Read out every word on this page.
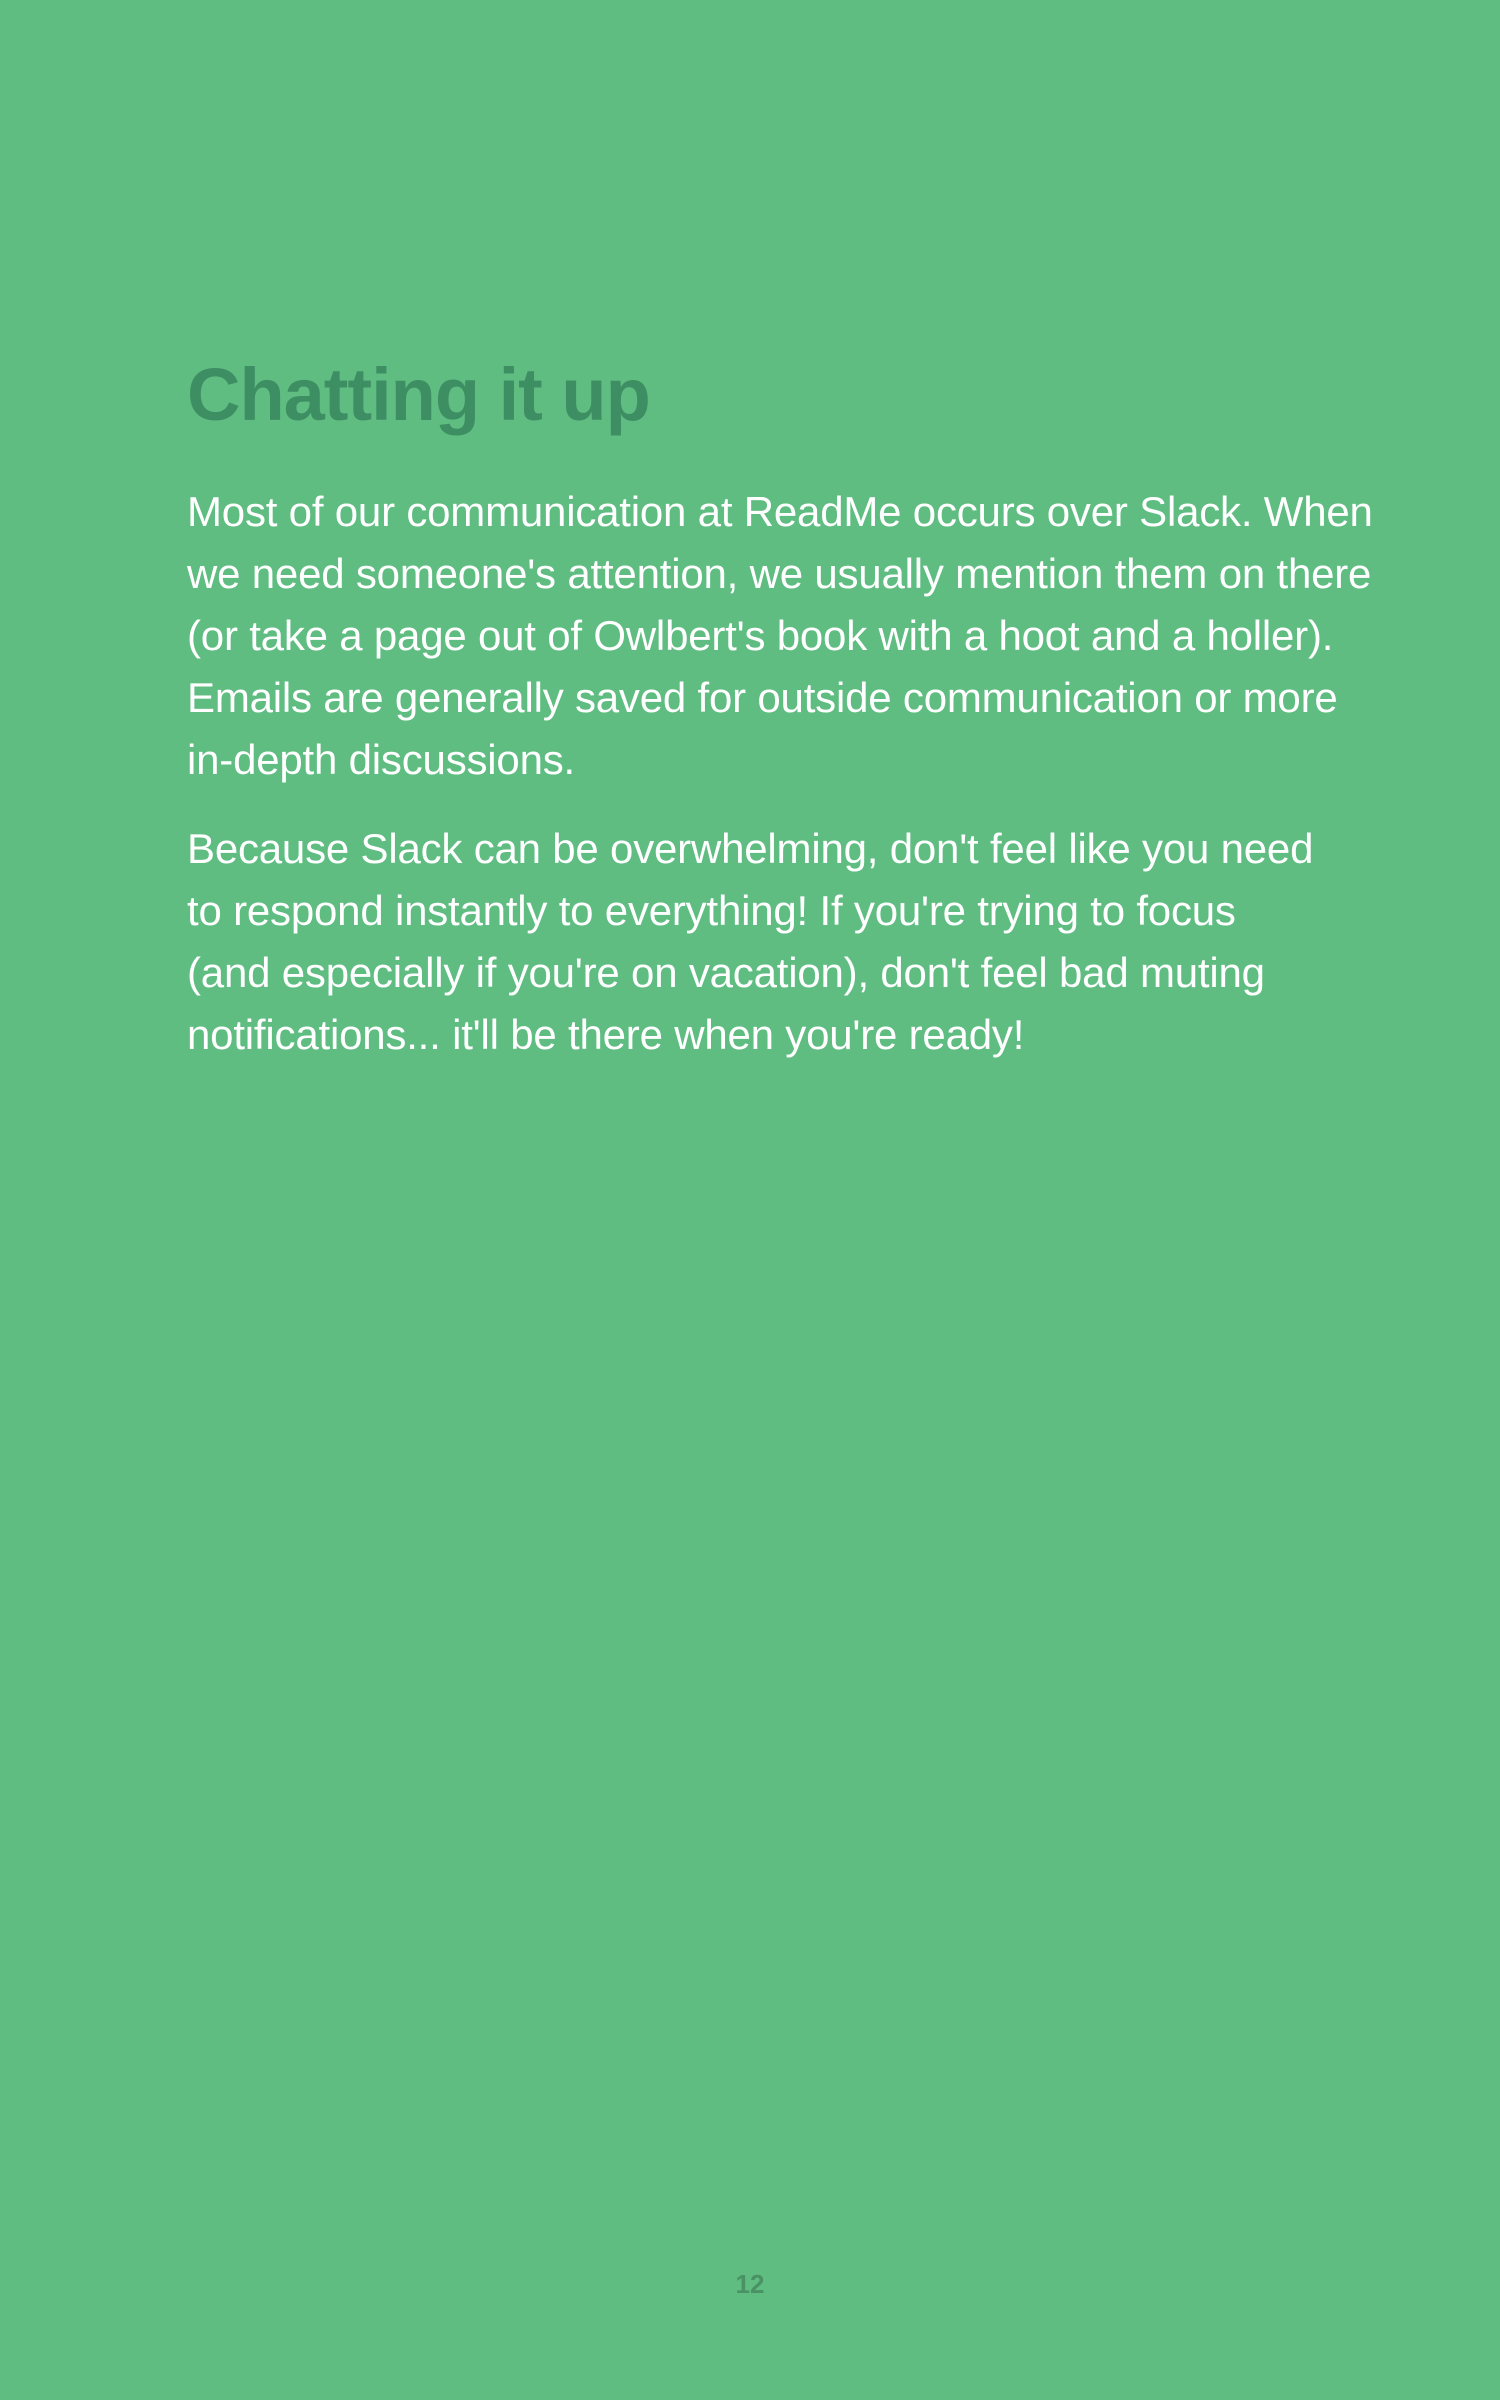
Chatting it up

Most of our communication at ReadMe occurs over Slack. When
we need someone's attention, we usually mention them on there
(or take a page out of Owlbert's book with a hoot and a holler).
Emails are generally saved for outside communication or more
in-depth discussions.

Because Slack can be overwhelming, don't feel like you need
to respond instantly to everything! If you're trying to focus
(and especially if you're on vacation), don't feel bad muting
notifications... it'll be there when you're ready!

12
